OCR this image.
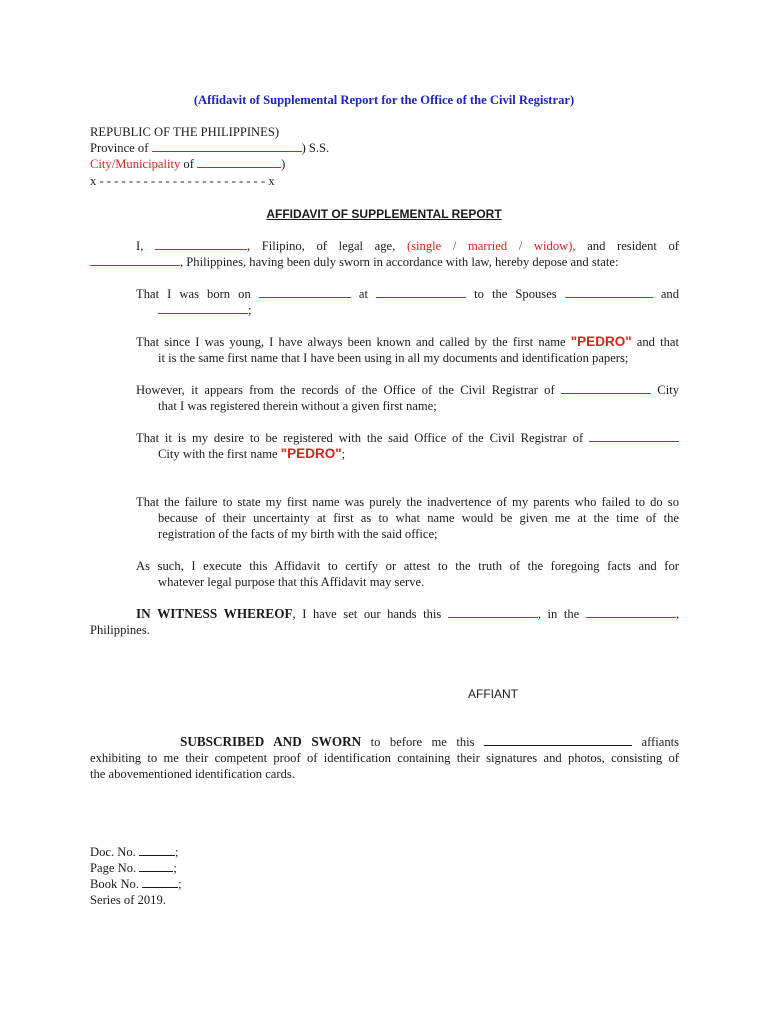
(Affidavit of Supplemental Report for the Office of the Civil Registrar)
REPUBLIC OF THE PHILIPPINES)
Province of	) S.S.
City/Municipality of	)
x - - - - - - - - - - - - - - - - - - - - - - - x
AFFIDAVIT OF SUPPLEMENTAL REPORT
I,	, Filipino, of legal age, (single / married / widow), and resident of
, Philippines, having been duly sworn in accordance with law, hereby depose and state:
That I was born on	at	to the Spouses	and
;
That since I was young, I have always been known and called by the first name "PEDRO" and that
it is the same first name that I have been using in all my documents and identification papers;
However, it appears from the records of the Office of the Civil Registrar of	City
that I was registered therein without a given first name;
That it is my desire to be registered with the said Office of the Civil Registrar of
City with the first name "PEDRO";
That the failure to state my first name was purely the inadvertence of my parents who failed to do so
because of their uncertainty at first as to what name would be given me at the time of the
registration of the facts of my birth with the said office;
As such, I execute this Affidavit to certify or attest to the truth of the foregoing facts and for
whatever legal purpose that this Affidavit may serve.
IN WITNESS WHEREOF, I have set our hands this	, in the	,
Philippines.
AFFIANT
SUBSCRIBED AND SWORN to before me this	affiants
exhibiting to me their competent proof of identification containing their signatures and photos, consisting of
the abovementioned identification cards.
Doc. No.	;
Page No.	;
Book No.	;
Series of 2019.
